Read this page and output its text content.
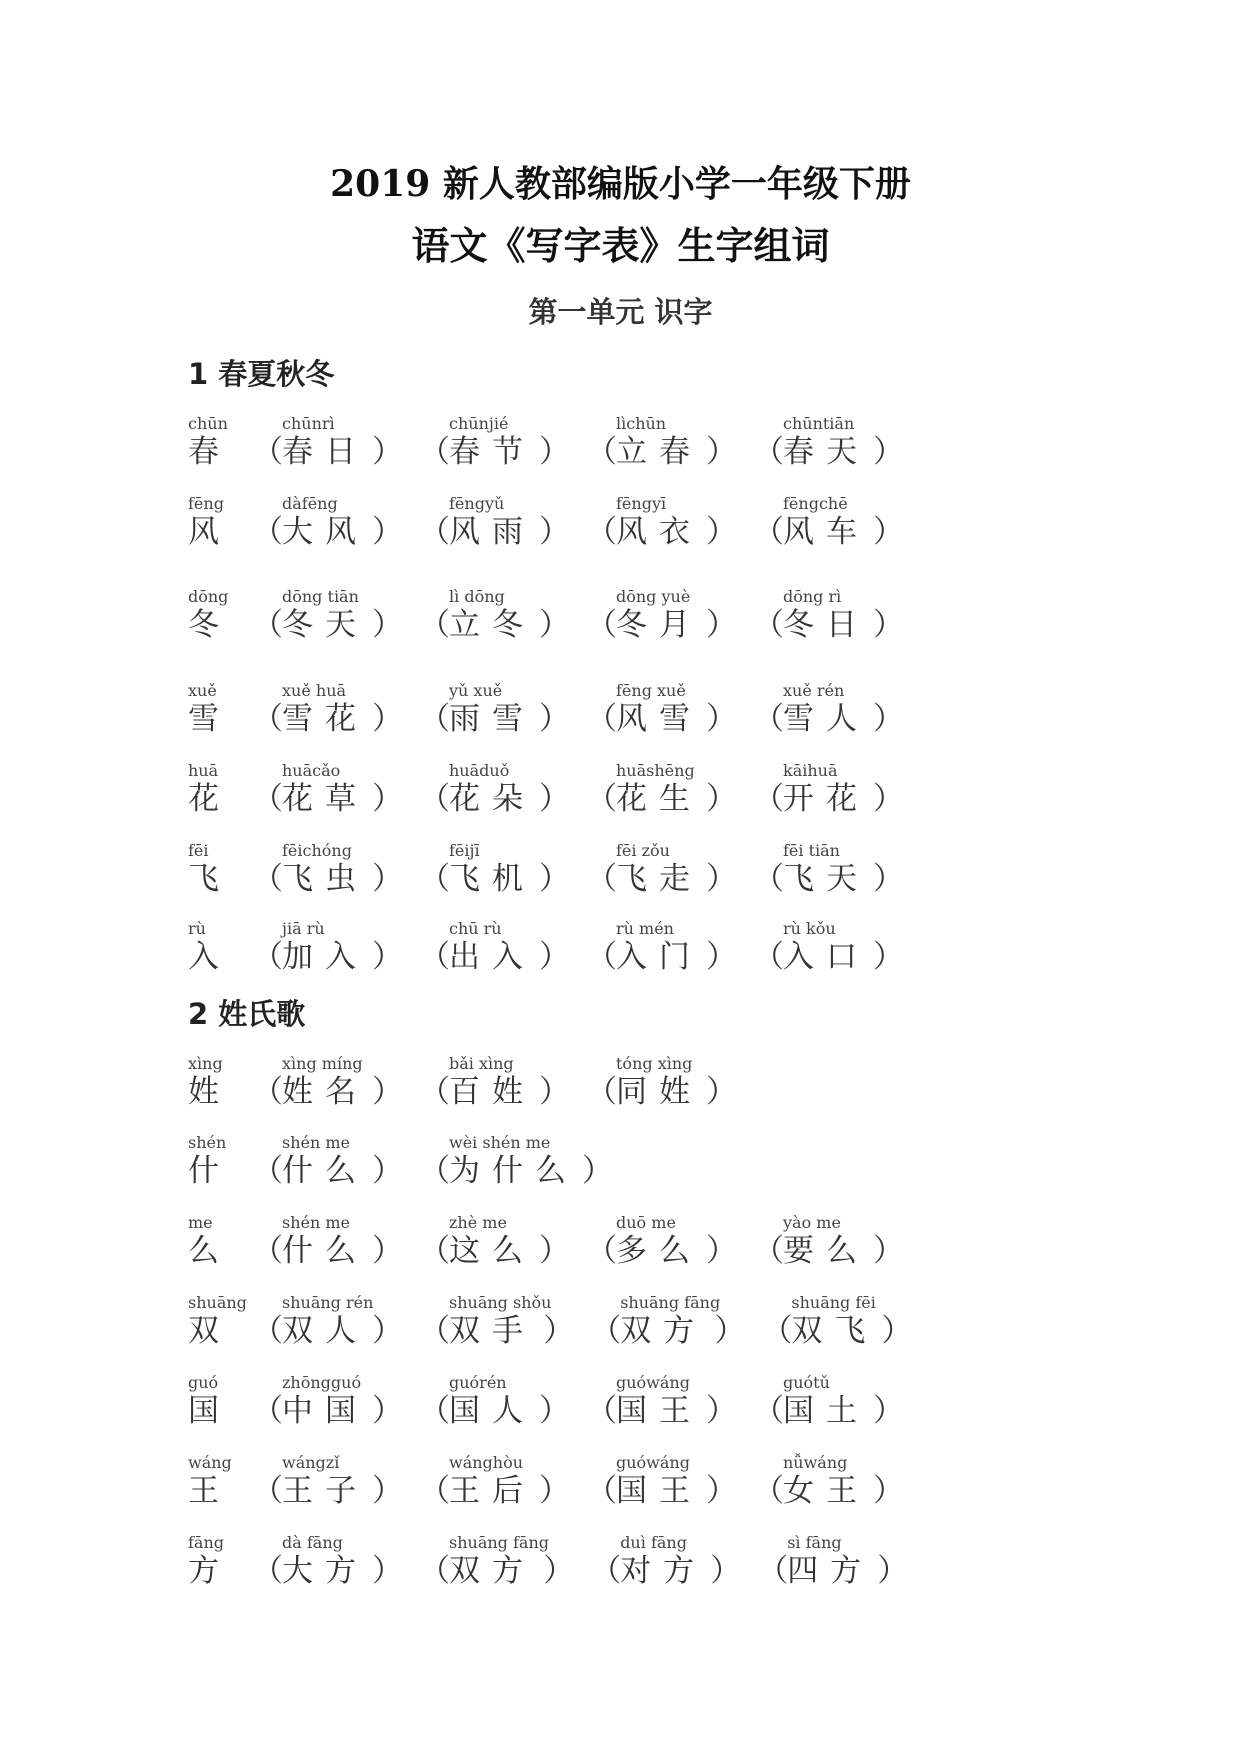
2019 新人教部编版小学一年级下册
语文《写字表》生字组词
第一单元 识字
1 春夏秋冬
chūn
春 （
chūnrì
春日 ） （
chūnjié
春节 ） （
lìchūn
立春 ） （
chūntiān
春天 ）
fēng
风 （
dàfēng
大风 ） （
fēngyǔ
风雨 ） （
fēngyī
风衣 ） （
fēngchē
风车 ）
dōng
冬 （
dōng tiān
冬天 ） （
lì dōng
立冬 ） （
dōng yuè
冬月 ） （
dōng rì
冬日 ）
xuě
雪 （
xuě huā
雪花 ） （
yǔ xuě
雨雪 ） （
fēng xuě
风雪 ） （
xuě rén
雪人 ）
huā
花 （
huācǎo
花草 ） （
huāduǒ
花朵 ） （
huāshēng
花生 ） （
kāihuā
开花 ）
fēi
飞 （
fēichóng
飞虫 ） （
fēijī
飞机 ） （
fēi zǒu
飞走 ） （
fēi tiān
飞天 ）
rù
入 （
jiā rù
加入 ） （
chū rù
出入 ） （
rù mén
入门 ） （
rù kǒu
入口 ）
2 姓氏歌
xìng
姓 （
xìng míng
姓名 ） （
bǎi xìng
百姓 ） （
tóng xìng
同姓 ）
shén
什 （
shén me
什么 ） （
wèi shén me
为什么 ）
me
么 （
shén me
什么 ） （
zhè me
这么 ） （
duō me
多么 ） （
yào me
要么 ）
shuāng
双 （
shuāng rén
双人 ） （
shuāng shǒu
双手 ） （
shuāng fāng
双方 ） （
shuāng fēi
双飞 ）
guó
国 （
zhōngguó
中国 ） （
guórén
国人 ） （
guówáng
国王 ） （
guótǔ
国土 ）
wáng
王 （
wángzǐ
王子 ） （
wánghòu
王后 ） （
guówáng
国王 ） （
nǚwáng
女王 ）
fāng
方 （
dà fāng
大方 ） （
shuāng fāng
双方 ） （
duì fāng
对方 ） （
sì fāng
四方 ）
